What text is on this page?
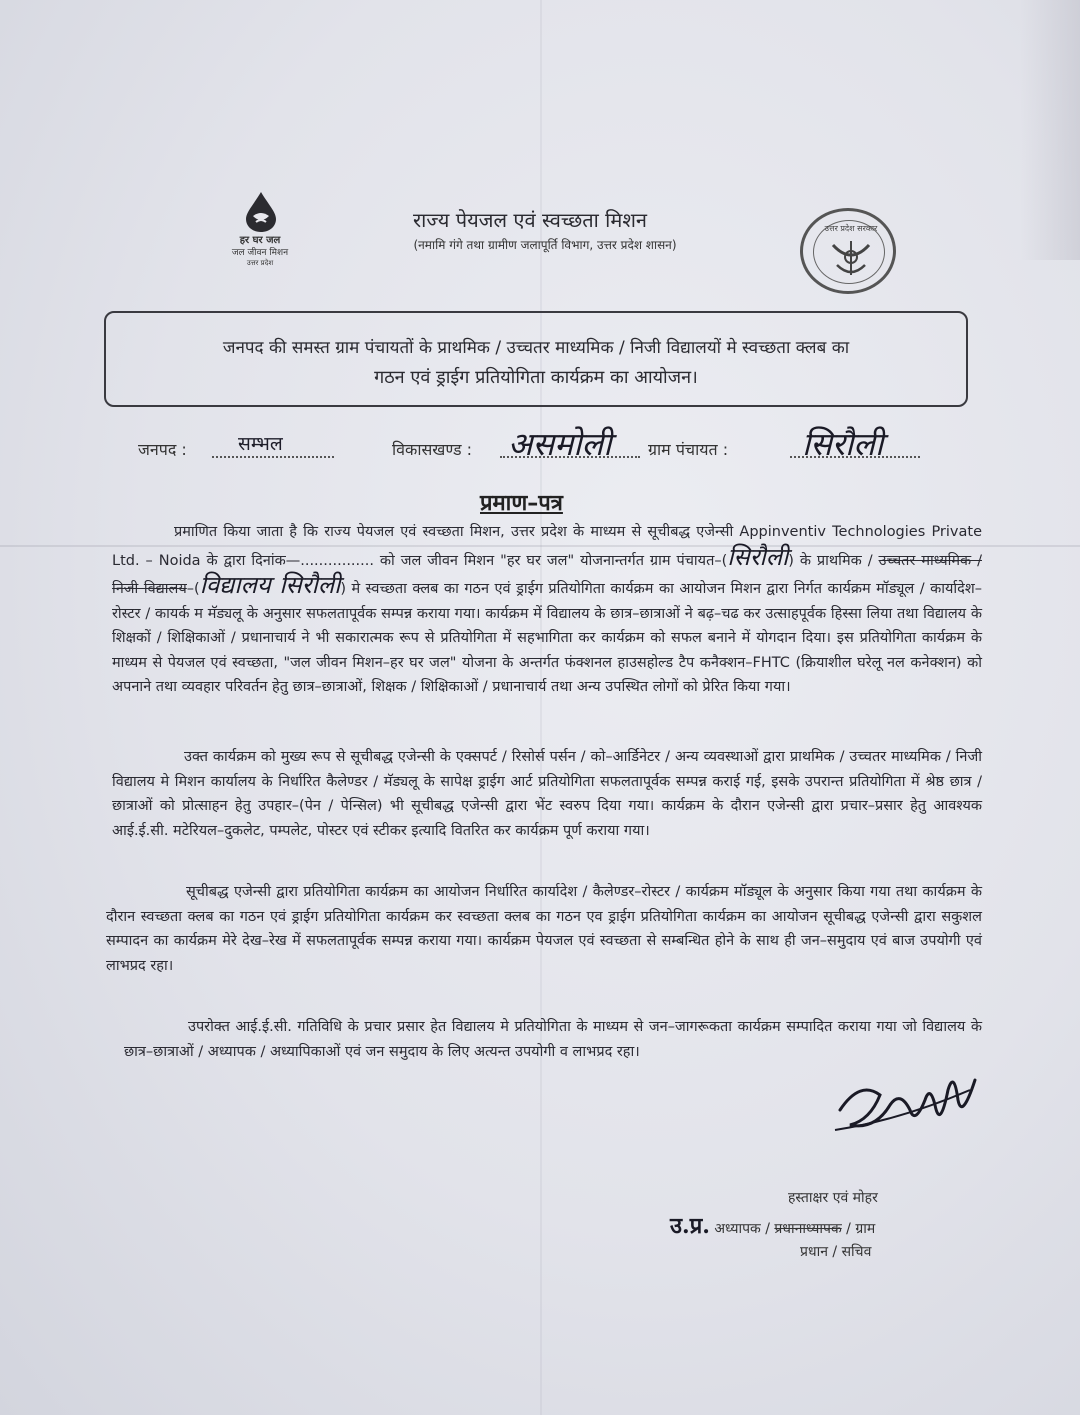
हर घर जल
जल जीवन मिशन
उत्तर प्रदेश
राज्य पेयजल एवं स्वच्छता मिशन
(नमामि गंगे तथा ग्रामीण जलापूर्ति विभाग, उत्तर प्रदेश शासन)
उत्तर प्रदेश सरकार
जनपद की समस्त ग्राम पंचायतों के प्राथमिक / उच्चतर माध्यमिक / निजी विद्यालयों मे स्वच्छता क्लब का
गठन एवं ड्राईग प्रतियोगिता कार्यक्रम का आयोजन।
जनपद :	सम्भल	विकासखण्ड : असमोली ग्राम पंचायत : सिरौली
प्रमाण–पत्र
प्रमाणित किया जाता है कि राज्य पेयजल एवं स्वच्छता मिशन, उत्तर प्रदेश के माध्यम से सूचीबद्ध एजेन्सी Appinventiv Technologies Private Ltd. – Noida के द्वारा दिनांक—................ को जल जीवन मिशन "हर घर जल" योजनान्तर्गत ग्राम पंचायत–(सिरौली) के प्राथमिक / उच्चतर माध्यमिक / निजी विद्यालय–(विद्यालय सिरौली) मे स्वच्छता क्लब का गठन एवं ड्राईग प्रतियोगिता कार्यक्रम का आयोजन मिशन द्वारा निर्गत कार्यक्रम मॉड्यूल / कार्यादेश–रोस्टर / कायर्क म मॅड्यलू के अनुसार सफलतापूर्वक सम्पन्न कराया गया। कार्यक्रम में विद्यालय के छात्र–छात्राओं ने बढ़–चढ कर उत्साहपूर्वक हिस्सा लिया तथा विद्यालय के शिक्षकों / शिक्षिकाओं / प्रधानाचार्य ने भी सकारात्मक रूप से प्रतियोगिता में सहभागिता कर कार्यक्रम को सफल बनाने में योगदान दिया। इस प्रतियोगिता कार्यक्रम के माध्यम से पेयजल एवं स्वच्छता, "जल जीवन मिशन–हर घर जल" योजना के अन्तर्गत फंक्शनल हाउसहोल्ड टैप कनैक्शन–FHTC (क्रियाशील घरेलू नल कनेक्शन) को अपनाने तथा व्यवहार परिवर्तन हेतु छात्र–छात्राओं, शिक्षक / शिक्षिकाओं / प्रधानाचार्य तथा अन्य उपस्थित लोगों को प्रेरित किया गया।
उक्त कार्यक्रम को मुख्य रूप से सूचीबद्ध एजेन्सी के एक्सपर्ट / रिसोर्स पर्सन / को–आर्डिनेटर / अन्य व्यवस्थाओं द्वारा प्राथमिक / उच्चतर माध्यमिक / निजी विद्यालय मे मिशन कार्यालय के निर्धारित कैलेण्डर / मॅड्यलू के सापेक्ष ड्राईग आर्ट प्रतियोगिता सफलतापूर्वक सम्पन्न कराई गई, इसके उपरान्त प्रतियोगिता में श्रेष्ठ छात्र / छात्राओं को प्रोत्साहन हेतु उपहार–(पेन / पेन्सिल) भी सूचीबद्ध एजेन्सी द्वारा भेंट स्वरुप दिया गया। कार्यक्रम के दौरान एजेन्सी द्वारा प्रचार–प्रसार हेतु आवश्यक आई.ई.सी. मटेरियल–दुकलेट, पम्पलेट, पोस्टर एवं स्टीकर इत्यादि वितरित कर कार्यक्रम पूर्ण कराया गया।
सूचीबद्ध एजेन्सी द्वारा प्रतियोगिता कार्यक्रम का आयोजन निर्धारित कार्यादेश / कैलेण्डर–रोस्टर / कार्यक्रम मॉड्यूल के अनुसार किया गया तथा कार्यक्रम के दौरान स्वच्छता क्लब का गठन एवं ड्राईग प्रतियोगिता कार्यक्रम कर स्वच्छता क्लब का गठन एव ड्राईग प्रतियोगिता कार्यक्रम का आयोजन सूचीबद्ध एजेन्सी द्वारा सकुशल सम्पादन का कार्यक्रम मेरे देख–रेख में सफलतापूर्वक सम्पन्न कराया गया। कार्यक्रम पेयजल एवं स्वच्छता से सम्बन्धित होने के साथ ही जन–समुदाय एवं बाज उपयोगी एवं लाभप्रद रहा।
उपरोक्त आई.ई.सी. गतिविधि के प्रचार प्रसार हेत विद्यालय मे प्रतियोगिता के माध्यम से जन–जागरूकता कार्यक्रम सम्पादित कराया गया जो विद्यालय के छात्र–छात्राओं / अध्यापक / अध्यापिकाओं एवं जन समुदाय के लिए अत्यन्त उपयोगी व लाभप्रद रहा।
हस्ताक्षर एवं मोहर
उ.प्र. अध्यापक / प्रधानाध्यापक / ग्राम
प्रधान / सचिव
